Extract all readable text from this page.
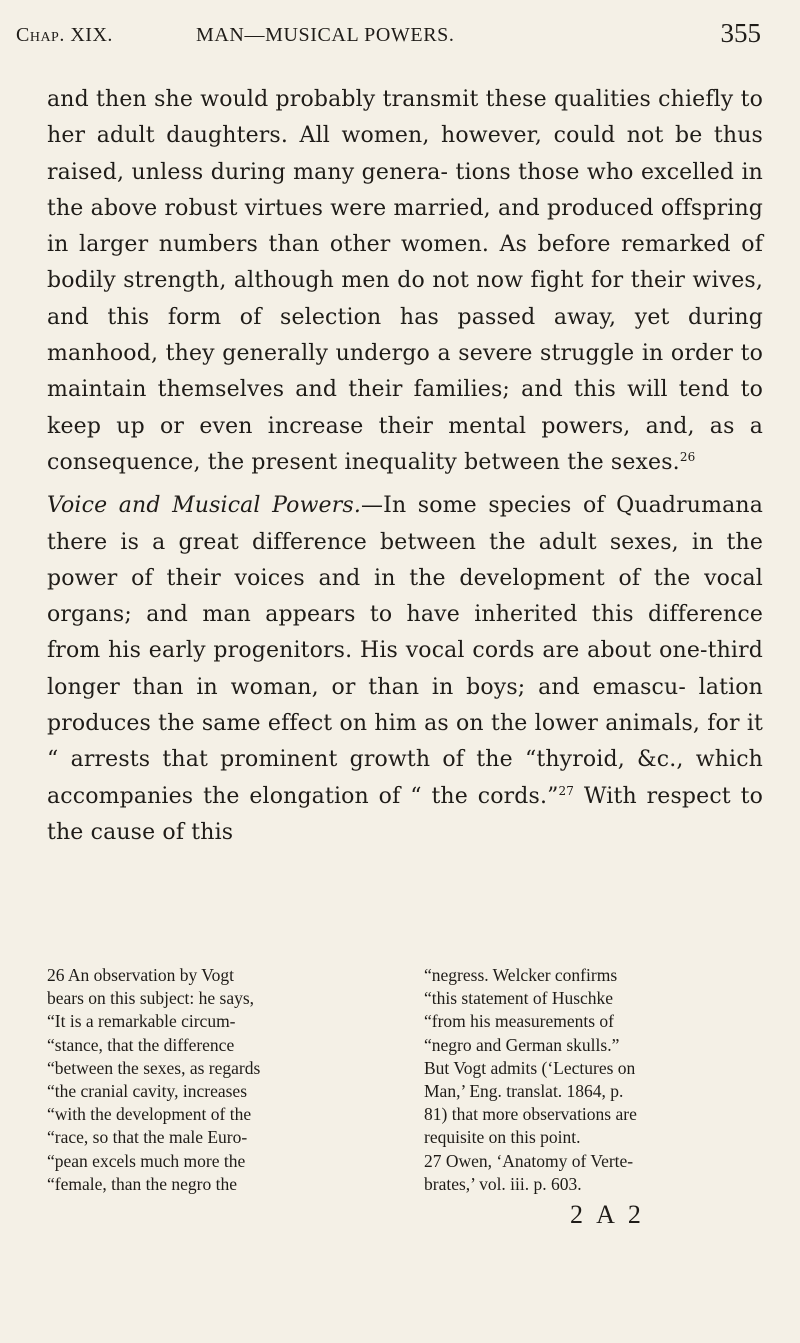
Chap. XIX.	MAN—MUSICAL POWERS.	355

and then she would probably transmit these qualities chiefly to her adult daughters. All women, however, could not be thus raised, unless during many genera- tions those who excelled in the above robust virtues were married, and produced offspring in larger numbers than other women. As before remarked of bodily strength, although men do not now fight for their wives, and this form of selection has passed away, yet during manhood, they generally undergo a severe struggle in order to maintain themselves and their families; and this will tend to keep up or even increase their mental powers, and, as a consequence, the present inequality between the sexes.$^{26}$

Voice and Musical Powers.—In some species of Quadrumana there is a great difference between the adult sexes, in the power of their voices and in the development of the vocal organs; and man appears to have inherited this difference from his early progenitors. His vocal cords are about one-third longer than in woman, or than in boys; and emascu- lation produces the same effect on him as on the lower animals, for it “ arrests that prominent growth of the “thyroid, &c., which accompanies the elongation of “ the cords.”$^{27}$ With respect to the cause of this

26 An observation by Vogt
bears on this subject: he says,
“It is a remarkable circum-
“stance, that the difference
“between the sexes, as regards
“the cranial cavity, increases
“with the development of the
“race, so that the male Euro-
“pean excels much more the
“female, than the negro the
“negress. Welcker confirms
“this statement of Huschke
“from his measurements of
“negro and German skulls.”
But Vogt admits (‘Lectures on
Man,’ Eng. translat. 1864, p.
81) that more observations are
requisite on this point.
27 Owen, ‘Anatomy of Verte-
brates,’ vol. iii. p. 603.
2 A 2
